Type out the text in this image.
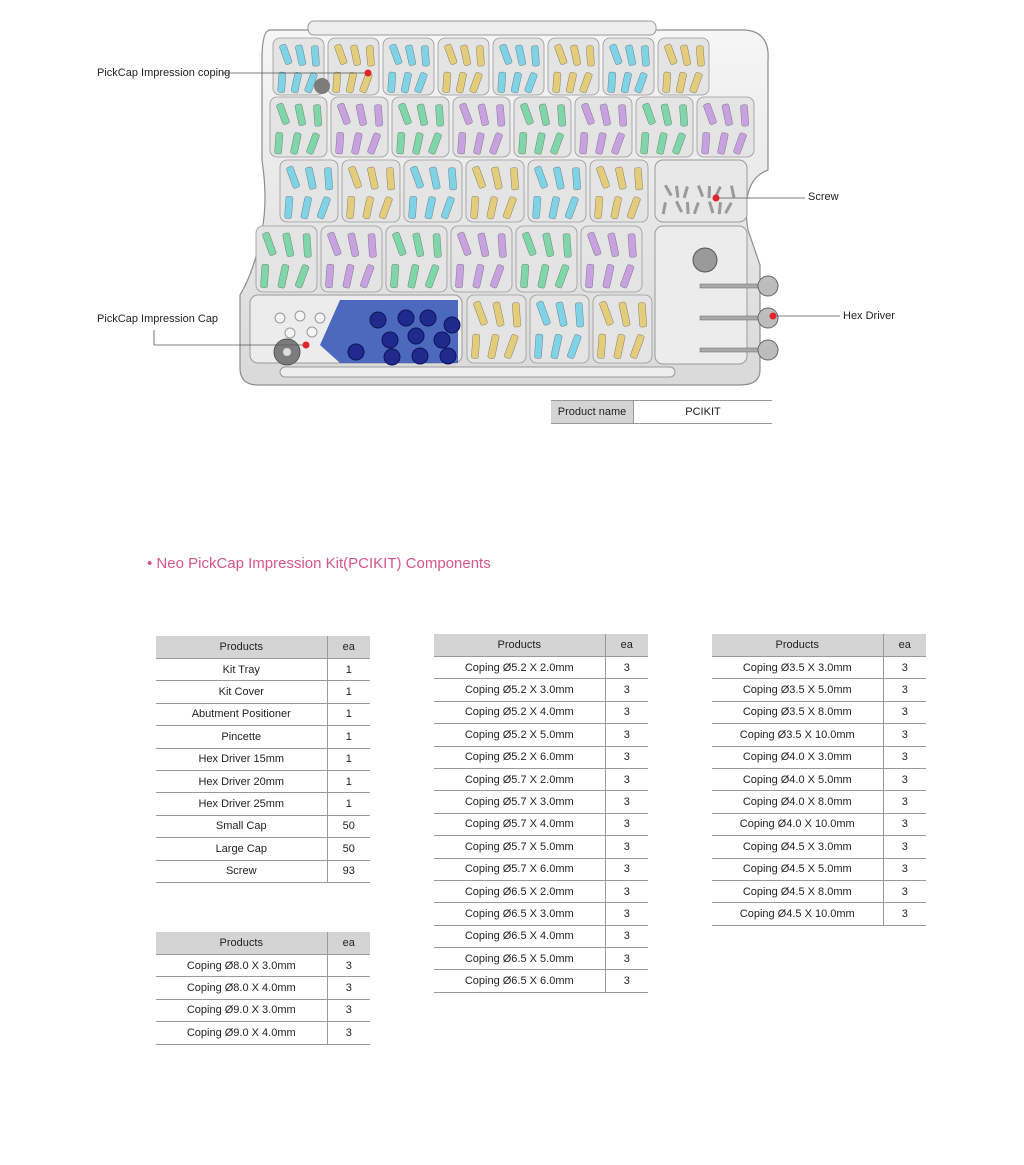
PickCap Impression coping
PickCap Impression Cap
Screw
Hex Driver
Product name	PCIKIT
• Neo PickCap Impression Kit(PCIKIT) Components
Products	ea
Kit Tray	1
Kit Cover	1
Abutment Positioner	1
Pincette	1
Hex Driver 15mm	1
Hex Driver 20mm	1
Hex Driver 25mm	1
Small Cap	50
Large Cap	50
Screw	93
Products	ea
Coping Ø8.0 X 3.0mm	3
Coping Ø8.0 X 4.0mm	3
Coping Ø9.0 X 3.0mm	3
Coping Ø9.0 X 4.0mm	3
Products	ea
Coping Ø5.2 X 2.0mm	3
Coping Ø5.2 X 3.0mm	3
Coping Ø5.2 X 4.0mm	3
Coping Ø5.2 X 5.0mm	3
Coping Ø5.2 X 6.0mm	3
Coping Ø5.7 X 2.0mm	3
Coping Ø5.7 X 3.0mm	3
Coping Ø5.7 X 4.0mm	3
Coping Ø5.7 X 5.0mm	3
Coping Ø5.7 X 6.0mm	3
Coping Ø6.5 X 2.0mm	3
Coping Ø6.5 X 3.0mm	3
Coping Ø6.5 X 4.0mm	3
Coping Ø6.5 X 5.0mm	3
Coping Ø6.5 X 6.0mm	3
Products	ea
Coping Ø3.5 X 3.0mm	3
Coping Ø3.5 X 5.0mm	3
Coping Ø3.5 X 8.0mm	3
Coping Ø3.5 X 10.0mm	3
Coping Ø4.0 X 3.0mm	3
Coping Ø4.0 X 5.0mm	3
Coping Ø4.0 X 8.0mm	3
Coping Ø4.0 X 10.0mm	3
Coping Ø4.5 X 3.0mm	3
Coping Ø4.5 X 5.0mm	3
Coping Ø4.5 X 8.0mm	3
Coping Ø4.5 X 10.0mm	3
